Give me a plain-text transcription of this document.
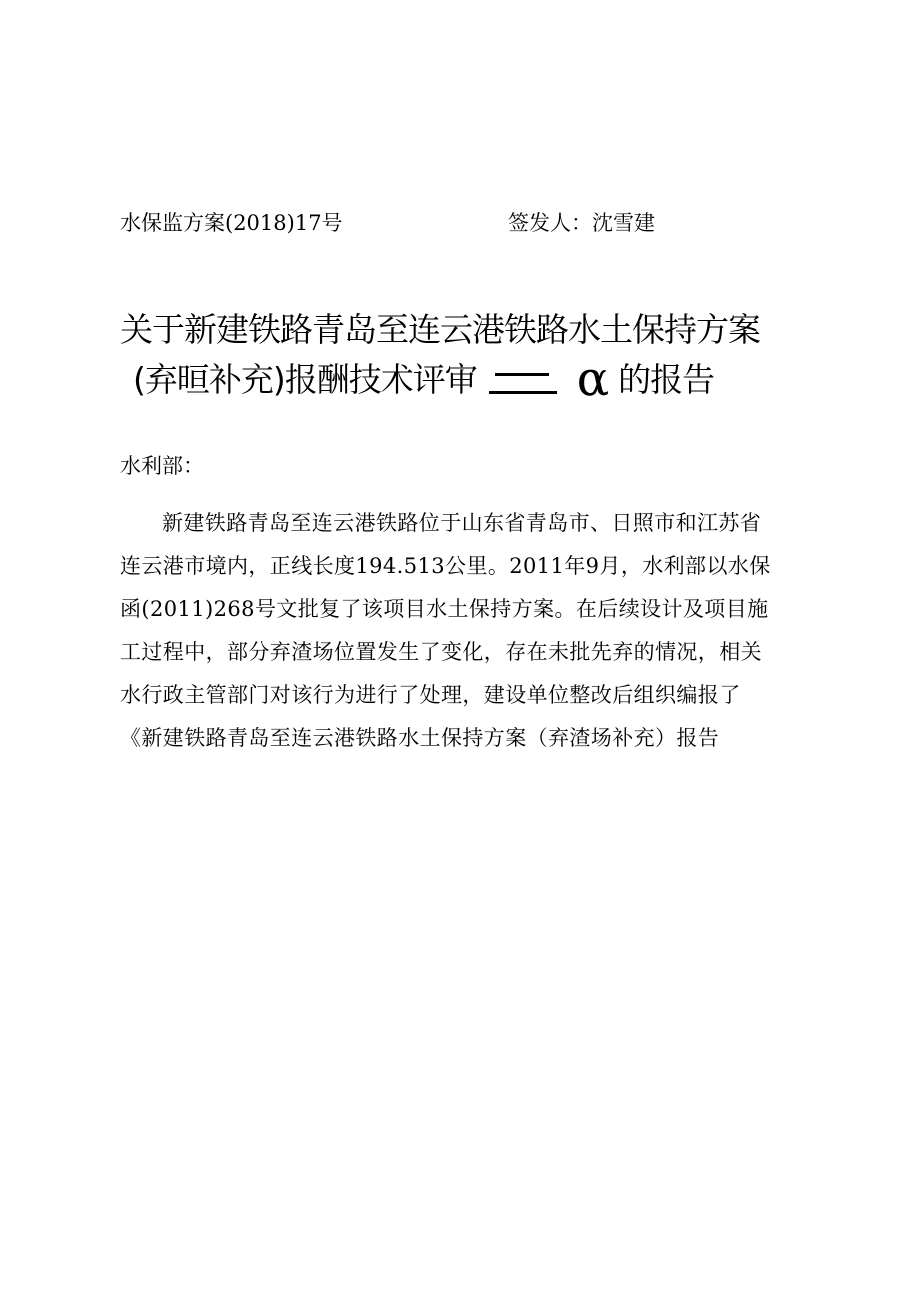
水保监方案(2018)17号	签发人：沈雪建
关于新建铁路青岛至连云港铁路水土保持方案
(弃晅补充)报酬技术评审 α 的报告
水利部：
新建铁路青岛至连云港铁路位于山东省青岛市、日照市和江苏省
连云港市境内，正线长度194.513公里。2011年9月，水利部以水保
函(2011)268号文批复了该项目水土保持方案。在后续设计及项目施
工过程中，部分弃渣场位置发生了变化，存在未批先弃的情况，相关
水行政主管部门对该行为进行了处理，建设单位整改后组织编报了
《新建铁路青岛至连云港铁路水土保持方案（弃渣场补充）报告
